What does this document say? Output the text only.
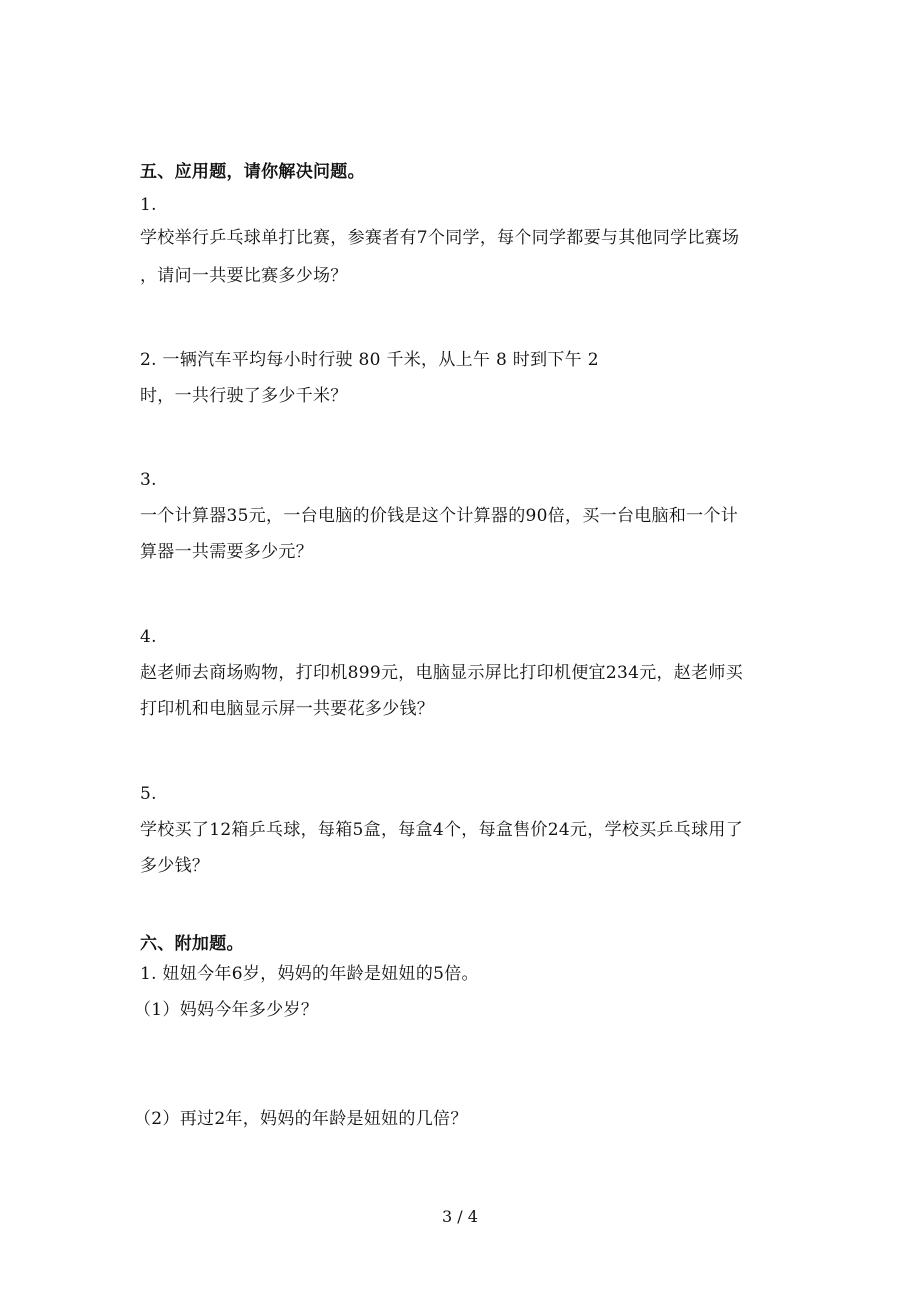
五、应用题，请你解决问题。
1.
学校举行乒乓球单打比赛，参赛者有7个同学，每个同学都要与其他同学比赛场
，请问一共要比赛多少场？
2. 一辆汽车平均每小时行驶 80 千米，从上午 8 时到下午 2
时，一共行驶了多少千米？
3.
一个计算器35元，一台电脑的价钱是这个计算器的90倍，买一台电脑和一个计
算器一共需要多少元？
4.
赵老师去商场购物，打印机899元，电脑显示屏比打印机便宜234元，赵老师买
打印机和电脑显示屏一共要花多少钱？
5.
学校买了12箱乒乓球，每箱5盒，每盒4个，每盒售价24元，学校买乒乓球用了
多少钱？
六、附加题。
1. 妞妞今年6岁，妈妈的年龄是妞妞的5倍。
（1）妈妈今年多少岁？
（2）再过2年，妈妈的年龄是妞妞的几倍？
3 / 4
